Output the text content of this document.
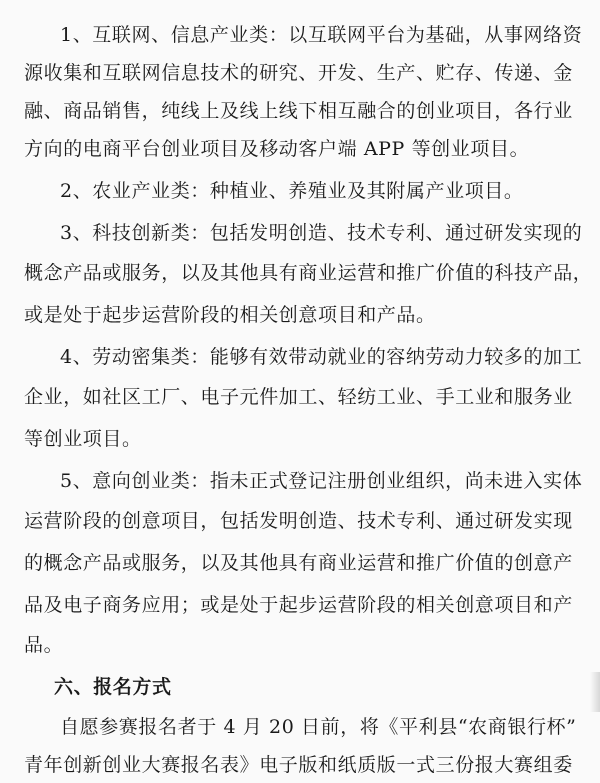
1、互联网、信息产业类：以互联网平台为基础，从事网络资
源收集和互联网信息技术的研究、开发、生产、贮存、传递、金
融、商品销售，纯线上及线上线下相互融合的创业项目，各行业
方向的电商平台创业项目及移动客户端 APP 等创业项目。
2、农业产业类：种植业、养殖业及其附属产业项目。
3、科技创新类：包括发明创造、技术专利、通过研发实现的
概念产品或服务，以及其他具有商业运营和推广价值的科技产品，
或是处于起步运营阶段的相关创意项目和产品。
4、劳动密集类：能够有效带动就业的容纳劳动力较多的加工
企业，如社区工厂、电子元件加工、轻纺工业、手工业和服务业
等创业项目。
5、意向创业类：指未正式登记注册创业组织，尚未进入实体
运营阶段的创意项目，包括发明创造、技术专利、通过研发实现
的概念产品或服务，以及其他具有商业运营和推广价值的创意产
品及电子商务应用；或是处于起步运营阶段的相关创意项目和产
品。
六、报名方式
自愿参赛报名者于 4 月 20 日前，将《平利县“农商银行杯”
青年创新创业大赛报名表》电子版和纸质版一式三份报大赛组委
